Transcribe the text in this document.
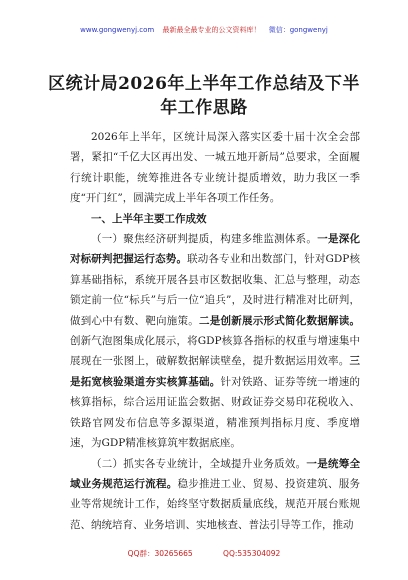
www.gongwenyj.com 最新最全最专业的公文资料库！ 微信：gongwenyj
区统计局2026年上半年工作总结及下半年工作思路

2026年上半年，区统计局深入落实区委十届十次全会部署，紧扣“千亿大区再出发、一城五地开新局”总要求，全面履行统计职能，统筹推进各专业统计提质增效，助力我区一季度“开门红”，圆满完成上半年各项工作任务。

一、上半年主要工作成效

（一）聚焦经济研判提质，构建多维监测体系。一是深化对标研判把握运行态势。联动各专业和出数部门，针对GDP核算基础指标，系统开展各县市区数据收集、汇总与整理，动态锁定前一位“标兵”与后一位“追兵”，及时进行精准对比研判，做到心中有数、靶向施策。二是创新展示形式简化数据解读。创新气泡图集成化展示，将GDP核算各指标的权重与增速集中展现在一张图上，破解数据解读壁垒，提升数据运用效率。三是拓宽核验渠道夯实核算基础。针对铁路、证券等统一增速的核算指标，综合运用证监会数据、财政证券交易印花税收入、铁路官网发布信息等多源渠道，精准预判指标月度、季度增速，为GDP精准核算筑牢数据底座。

（二）抓实各专业统计，全域提升业务质效。一是统筹全域业务规范运行流程。稳步推进工业、贸易、投资建筑、服务业等常规统计工作，始终坚守数据质量底线，规范开展台账规范、纳统培育、业务培训、实地核查、普法引导等工作，推动

QQ群：30265665	QQ:535304092
